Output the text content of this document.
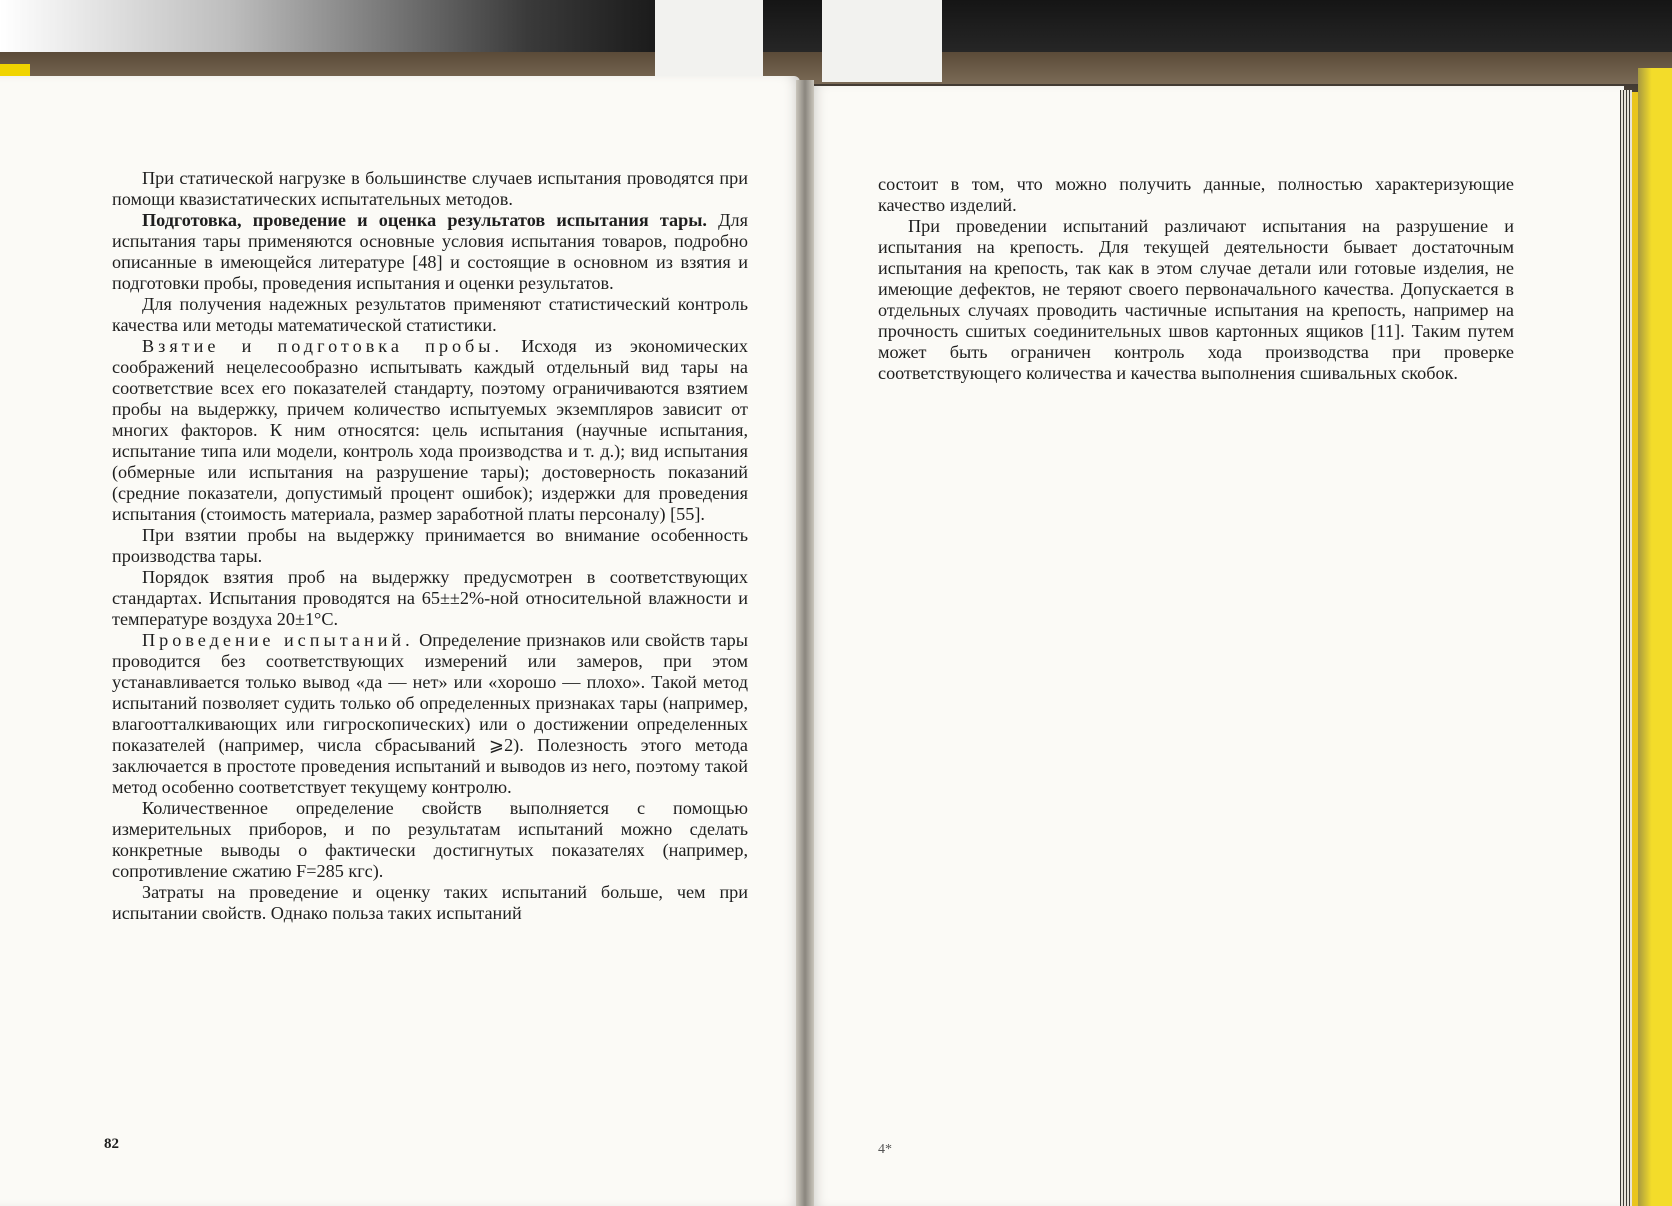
При статической нагрузке в большинстве случаев испытания проводятся при помощи квазистатических испытательных методов.

Подготовка, проведение и оценка результатов испытания тары. Для испытания тары применяются основные условия испытания товаров, подробно описанные в имеющейся литературе [48] и состоящие в основном из взятия и подготовки пробы, проведения испытания и оценки результатов.

Для получения надежных результатов применяют статистический контроль качества или методы математической статистики.

Взятие и подготовка пробы. Исходя из экономических соображений нецелесообразно испытывать каждый отдельный вид тары на соответствие всех его показателей стандарту, поэтому ограничиваются взятием пробы на выдержку, причем количество испытуемых экземпляров зависит от многих факторов. К ним относятся: цель испытания (научные испытания, испытание типа или модели, контроль хода производства и т. д.); вид испытания (обмерные или испытания на разрушение тары); достоверность показаний (средние показатели, допустимый процент ошибок); издержки для проведения испытания (стоимость материала, размер заработной платы персоналу) [55].

При взятии пробы на выдержку принимается во внимание особенность производства тары.

Порядок взятия проб на выдержку предусмотрен в соответствующих стандартах. Испытания проводятся на 65±±2%-ной относительной влажности и температуре воздуха 20±1°С.

Проведение испытаний. Определение признаков или свойств тары проводится без соответствующих измерений или замеров, при этом устанавливается только вывод «да — нет» или «хорошо — плохо». Такой метод испытаний позволяет судить только об определенных признаках тары (например, влагоотталкивающих или гигроскопических) или о достижении определенных показателей (например, числа сбрасываний ⩾2). Полезность этого метода заключается в простоте проведения испытаний и выводов из него, поэтому такой метод особенно соответствует текущему контролю.

Количественное определение свойств выполняется с помощью измерительных приборов, и по результатам испытаний можно сделать конкретные выводы о фактически достигнутых показателях (например, сопротивление сжатию F=285 кгс).

Затраты на проведение и оценку таких испытаний больше, чем при испытании свойств. Однако польза таких испытаний

82

состоит в том, что можно получить данные, полностью характеризующие качество изделий.

При проведении испытаний различают испытания на разрушение и испытания на крепость. Для текущей деятельности бывает достаточным испытания на крепость, так как в этом случае детали или готовые изделия, не имеющие дефектов, не теряют своего первоначального качества. Допускается в отдельных случаях проводить частичные испытания на крепость, например на прочность сшитых соединительных швов картонных ящиков [11]. Таким путем может быть ограничен контроль хода производства при проверке соответствующего количества и качества выполнения сшивальных скобок.

4*
